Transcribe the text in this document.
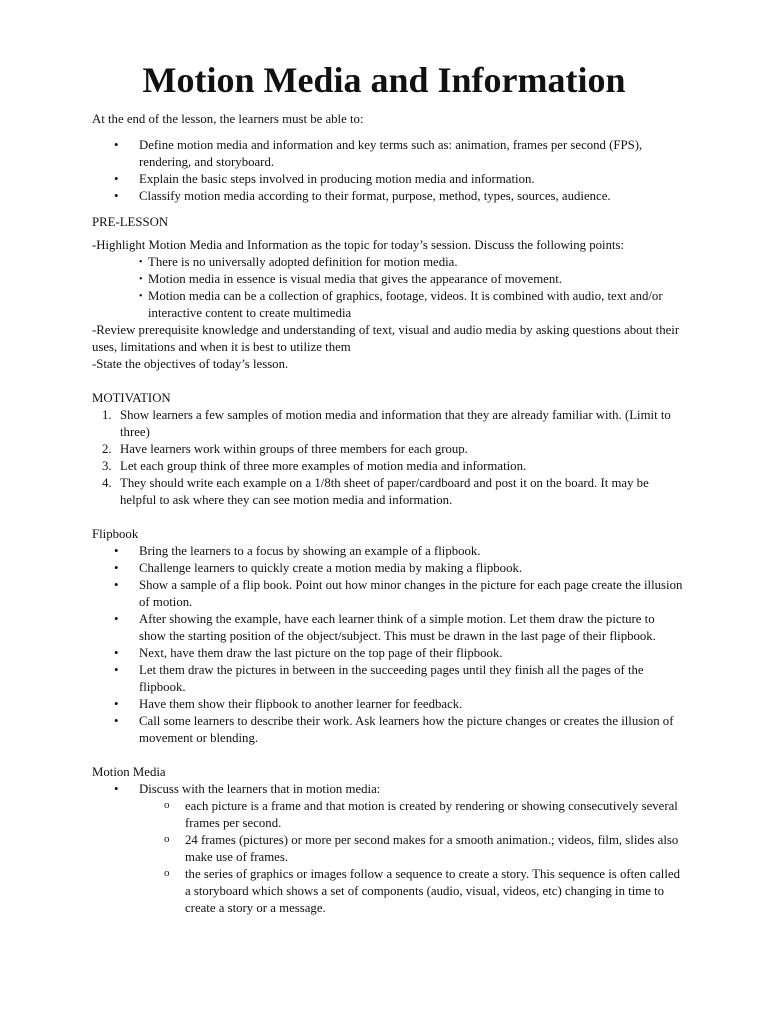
Motion Media and Information

At the end of the lesson, the learners must be able to:

• Define motion media and information and key terms such as: animation, frames per second (FPS), rendering, and storyboard.
• Explain the basic steps involved in producing motion media and information.
• Classify motion media according to their format, purpose, method, types, sources, audience.

PRE-LESSON

-Highlight Motion Media and Information as the topic for today’s session. Discuss the following points:

• There is no universally adopted definition for motion media.
• Motion media in essence is visual media that gives the appearance of movement.
• Motion media can be a collection of graphics, footage, videos. It is combined with audio, text and/or interactive content to create multimedia

-Review prerequisite knowledge and understanding of text, visual and audio media by asking questions about their uses, limitations and when it is best to utilize them

-State the objectives of today’s lesson.

MOTIVATION

1. Show learners a few samples of motion media and information that they are already familiar with. (Limit to three)
2. Have learners work within groups of three members for each group.
3. Let each group think of three more examples of motion media and information.
4. They should write each example on a 1/8th sheet of paper/cardboard and post it on the board. It may be helpful to ask where they can see motion media and information.

Flipbook

• Bring the learners to a focus by showing an example of a flipbook.
• Challenge learners to quickly create a motion media by making a flipbook.
• Show a sample of a flip book. Point out how minor changes in the picture for each page create the illusion of motion.
• After showing the example, have each learner think of a simple motion. Let them draw the picture to show the starting position of the object/subject. This must be drawn in the last page of their flipbook.
• Next, have them draw the last picture on the top page of their flipbook.
• Let them draw the pictures in between in the succeeding pages until they finish all the pages of the flipbook.
• Have them show their flipbook to another learner for feedback.
• Call some learners to describe their work. Ask learners how the picture changes or creates the illusion of movement or blending.

Motion Media

• Discuss with the learners that in motion media:
o each picture is a frame and that motion is created by rendering or showing consecutively several frames per second.
o 24 frames (pictures) or more per second makes for a smooth animation.; videos, film, slides also make use of frames.
o the series of graphics or images follow a sequence to create a story. This sequence is often called a storyboard which shows a set of components (audio, visual, videos, etc) changing in time to create a story or a message.
